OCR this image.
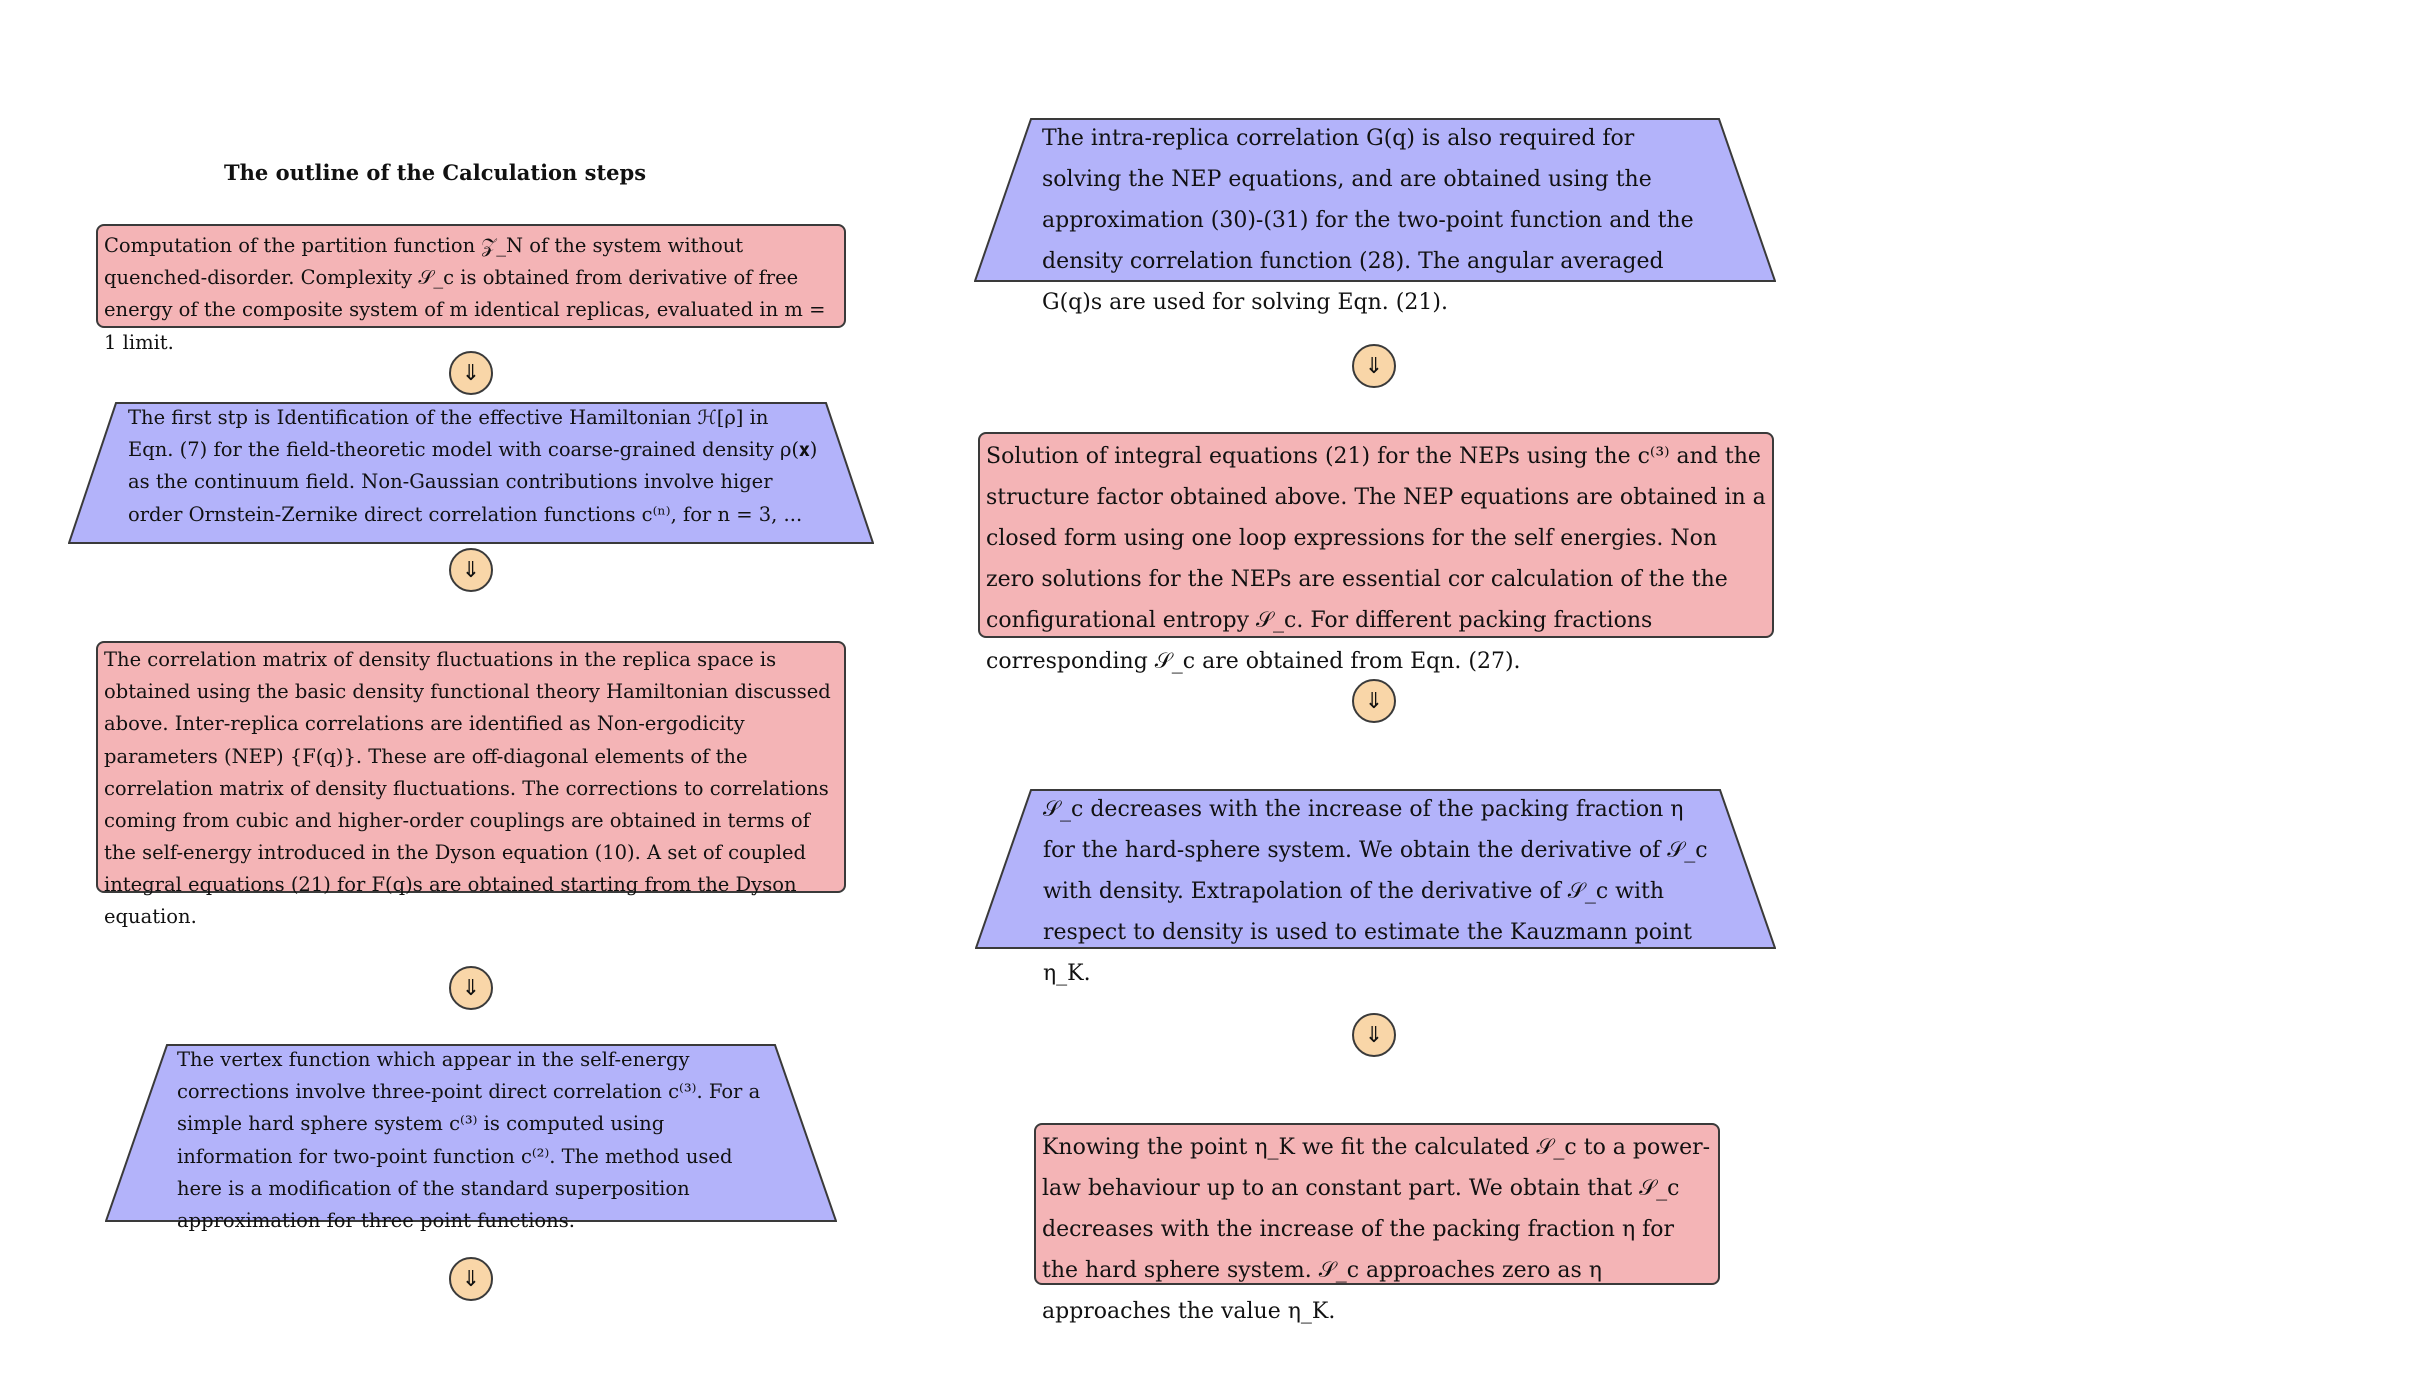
The outline of the Calculation steps
Computation of the partition function 𝒵_N of the system without quenched-disorder. Complexity 𝒮_c is obtained from derivative of free energy of the composite system of m identical replicas, evaluated in m = 1 limit.
⇓
The first stp is Identification of the effective Hamiltonian ℋ[ρ] in Eqn. (7) for the field-theoretic model with coarse-grained density ρ(𝐱) as the continuum field. Non-Gaussian contributions involve higer order Ornstein-Zernike direct correlation functions c⁽ⁿ⁾, for n = 3, ...
⇓
The correlation matrix of density fluctuations in the replica space is obtained using the basic density functional theory Hamiltonian discussed above. Inter-replica correlations are identified as Non-ergodicity parameters (NEP) {F(q)}. These are off-diagonal elements of the correlation matrix of density fluctuations. The corrections to correlations coming from cubic and higher-order couplings are obtained in terms of the self-energy introduced in the Dyson equation (10). A set of coupled integral equations (21) for F(q)s are obtained starting from the Dyson equation.
⇓
The vertex function which appear in the self-energy corrections involve three-point direct correlation c⁽³⁾. For a simple hard sphere system c⁽³⁾ is computed using information for two-point function c⁽²⁾. The method used here is a modification of the standard superposition approximation for three point functions.
⇓
The intra-replica correlation G(q) is also required for solving the NEP equations, and are obtained using the approximation (30)-(31) for the two-point function and the density correlation function (28). The angular averaged G(q)s are used for solving Eqn. (21).
⇓
Solution of integral equations (21) for the NEPs using the c⁽³⁾ and the structure factor obtained above. The NEP equations are obtained in a closed form using one loop expressions for the self energies. Non zero solutions for the NEPs are essential cor calculation of the the configurational entropy 𝒮_c. For different packing fractions corresponding 𝒮_c are obtained from Eqn. (27).
⇓
𝒮_c decreases with the increase of the packing fraction η for the hard-sphere system. We obtain the derivative of 𝒮_c with density. Extrapolation of the derivative of 𝒮_c with respect to density is used to estimate the Kauzmann point η_K.
⇓
Knowing the point η_K we fit the calculated 𝒮_c to a power-law behaviour up to an constant part. We obtain that 𝒮_c decreases with the increase of the packing fraction η for the hard sphere system. 𝒮_c approaches zero as η approaches the value η_K.
